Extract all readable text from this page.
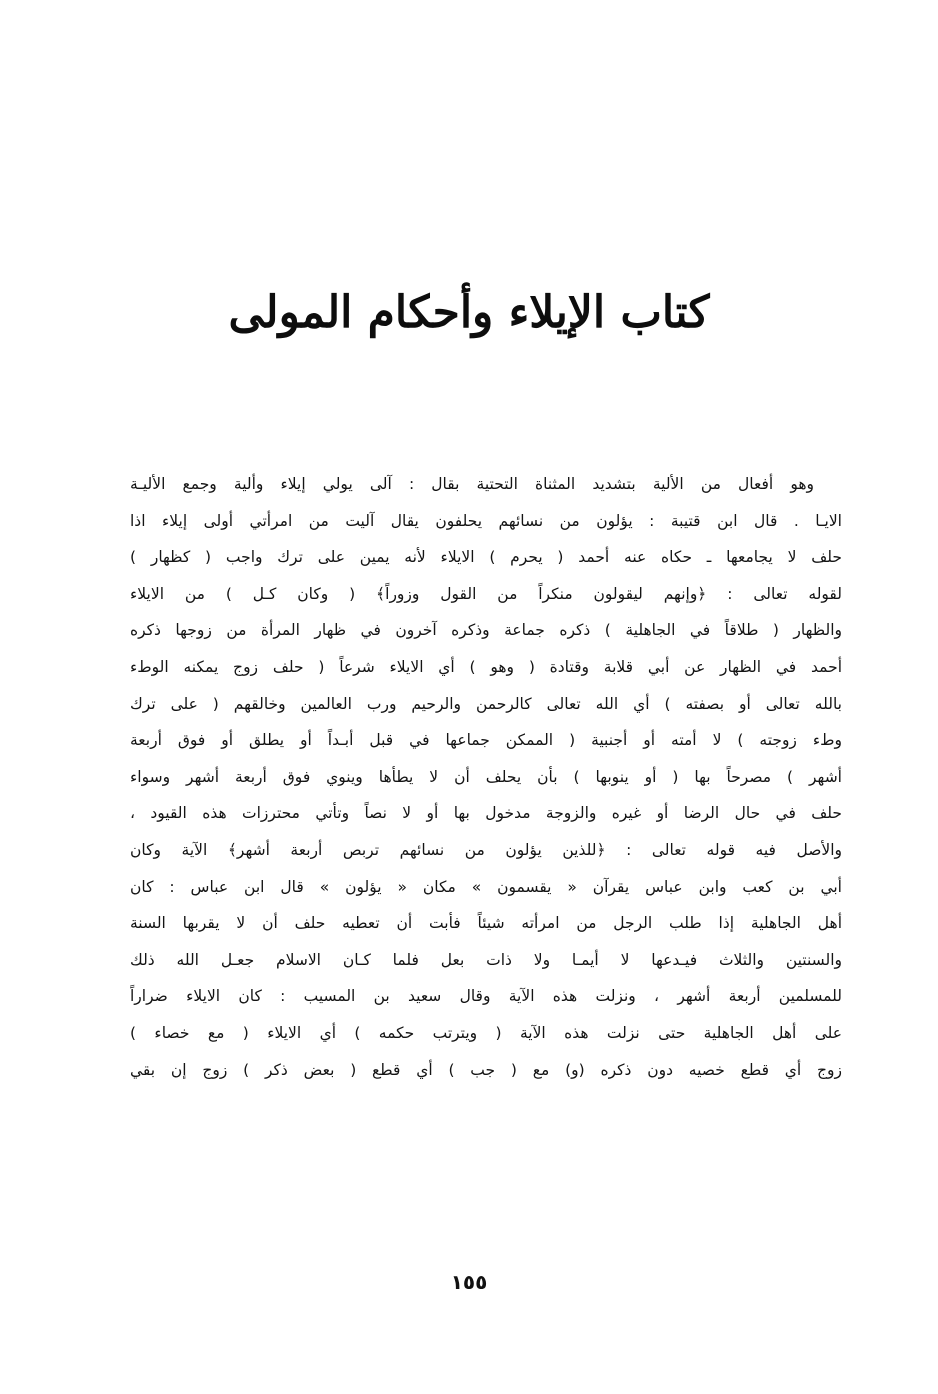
كتاب الإيلاء وأحكام المولى
وهو أفعال من الألية بتشديد المثناة التحتية بقال : آلى يولي إيلاء وألية وجمع الأليـة
الايـا . قال ابن قتيبة : يؤلون من نسائهم يحلفون يقال آليت من امرأتي أولى إيلاء اذا
حلف لا يجامعها ـ حكاه عنه أحمد ( يحرم ) الايلاء لأنه يمين على ترك واجب ( كظهار )
لقوله تعالى : ﴿وإنهم ليقولون منكراً من القول وزوراً﴾ ( وكان كـل ) من الايلاء
والظهار ( طلاقاً في الجاهلية ) ذكره جماعة وذكره آخرون في ظهار المرأة من زوجها ذكره
أحمد في الظهار عن أبي قلابة وقتادة ( وهو ) أي الايلاء شرعاً ( حلف زوج يمكنه الوطء
بالله تعالى أو بصفته ) أي الله تعالى كالرحمن والرحيم ورب العالمين وخالقهم ( على ترك
وطء زوجته ) لا أمته أو أجنبية ( الممكن جماعها في قبل أبـداً أو يطلق أو فوق أربعة
أشهر ) مصرحاً بها ( أو ينوبها ) بأن يحلف أن لا يطأها وينوي فوق أربعة أشهر وسواء
حلف في حال الرضا أو غيره والزوجة مدخول بها أو لا نصاً وتأتي محترزات هذه القيود ،
والأصل فيه قوله تعالى : ﴿للذين يؤلون من نسائهم تربص أربعة أشهر﴾ الآية وكان
أبي بن كعب وابن عباس يقرآن « يقسمون » مكان « يؤلون » قال ابن عباس : كان
أهل الجاهلية إذا طلب الرجل من امرأته شيئاً فأبت أن تعطيه حلف أن لا يقربها السنة
والسنتين والثلاث فيـدعها لا أيمـا ولا ذات بعل فلما كـان الاسلام جعـل الله ذلك
للمسلمين أربعة أشهر ، ونزلت هذه الآية وقال سعيد بن المسيب : كان الايلاء ضراراً
على أهل الجاهلية حتى نزلت هذه الآية ( ويترتب حكمه ) أي الايلاء ( مع خصاء )
زوج أي قطع خصيه دون ذكره (و) مع ( جب ) أي قطع ( بعض ذكر ) زوج إن بقي
١٥٥
